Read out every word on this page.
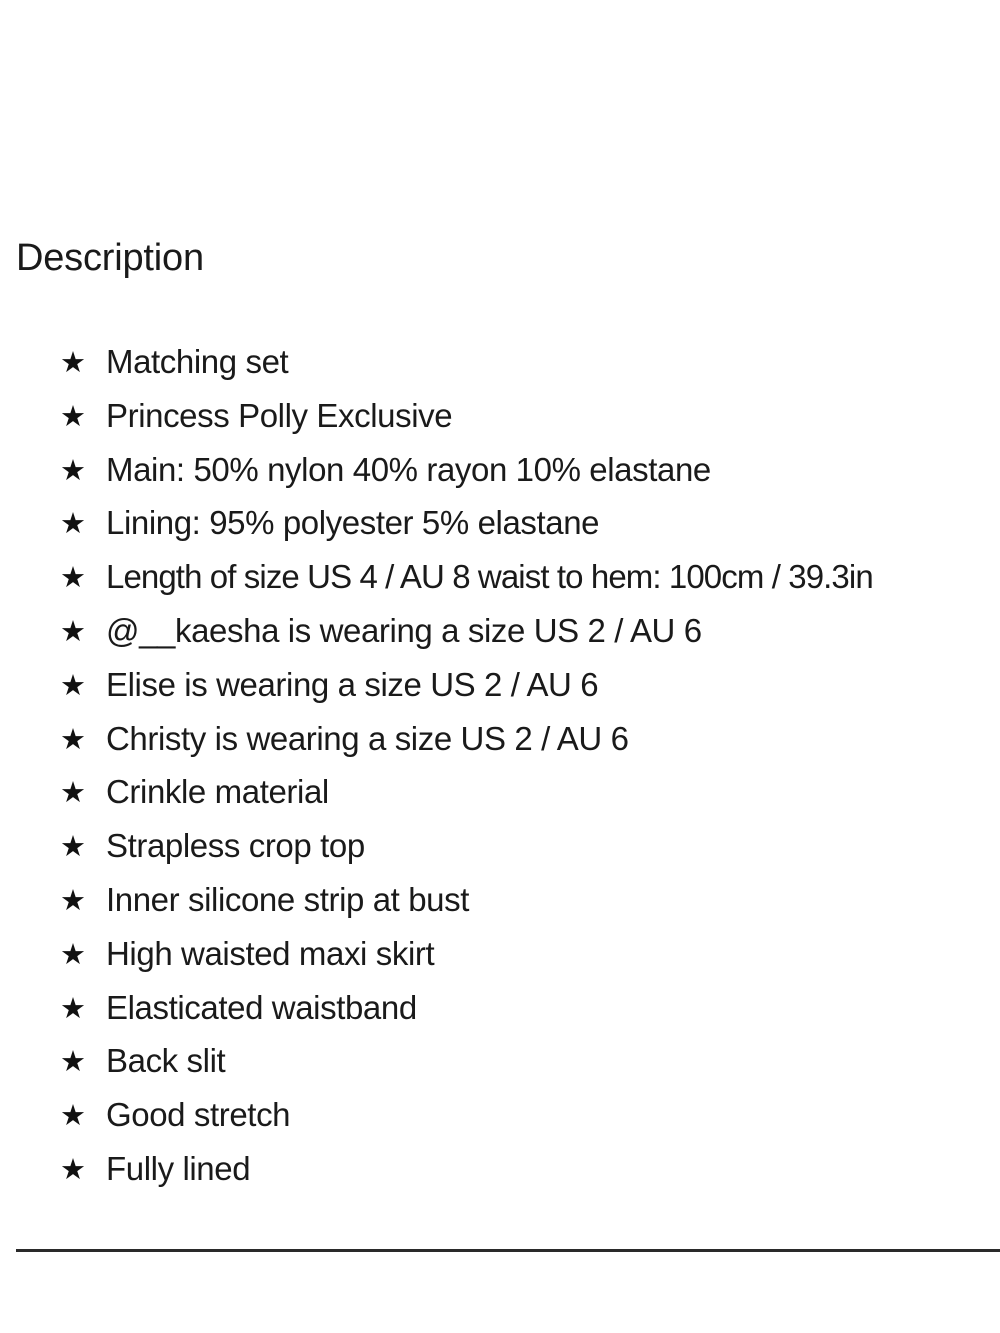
Description
★ Matching set
★ Princess Polly Exclusive
★ Main: 50% nylon 40% rayon 10% elastane
★ Lining: 95% polyester 5% elastane
★ Length of size US 4 / AU 8 waist to hem: 100cm / 39.3in
★ @__kaesha is wearing a size US 2 / AU 6
★ Elise is wearing a size US 2 / AU 6
★ Christy is wearing a size US 2 / AU 6
★ Crinkle material
★ Strapless crop top
★ Inner silicone strip at bust
★ High waisted maxi skirt
★ Elasticated waistband
★ Back slit
★ Good stretch
★ Fully lined
